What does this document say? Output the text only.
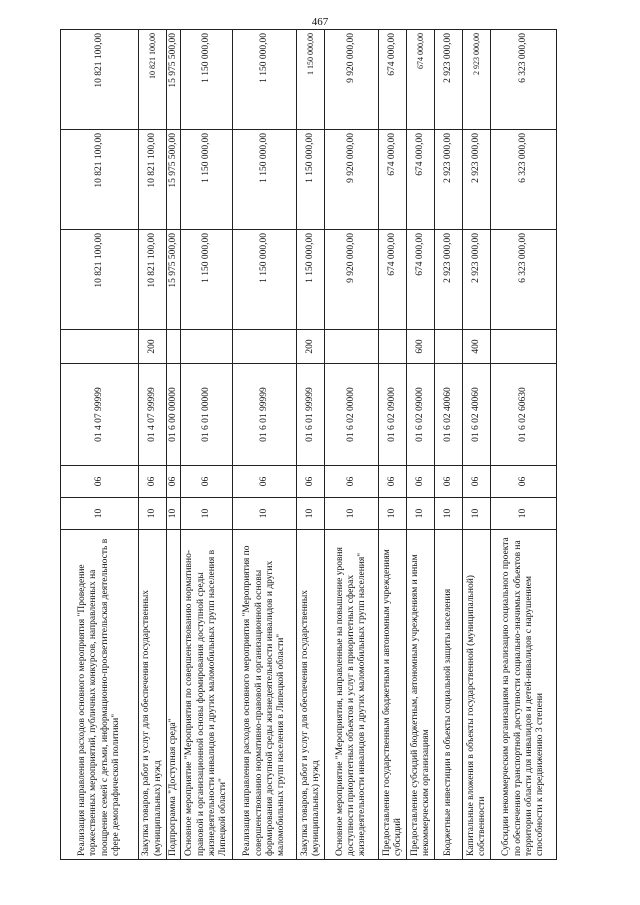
467
Реализация направления расходов основного мероприятия "Проведение торжественных мероприятий, публичных конкурсов, направленных на поощрение семей с детьми, информационно-просветительская деятельность в сфере демографической политики"	10	06	01 4 07 99999		10 821 100,00	10 821 100,00	10 821 100,00
Закупка товаров, работ и услуг для обеспечения государственных (муниципальных) нужд	10	06	01 4 07 99999	200	10 821 100,00	10 821 100,00	10 821 100,00
Подпрограмма "Доступная среда"	10	06	01 6 00 00000		15 975 500,00	15 975 500,00	15 975 500,00
Основное мероприятие "Мероприятия по совершенствованию нормативно-правовой и организационной основы формирования доступной среды жизнедеятельности инвалидов и других маломобильных групп населения в Липецкой области"	10	06	01 6 01 00000		1 150 000,00	1 150 000,00	1 150 000,00
Реализация направления расходов основного мероприятия "Мероприятия по совершенствованию нормативно-правовой и организационной основы формирования доступной среды жизнедеятельности инвалидов и других маломобильных групп населения в Липецкой области"	10	06	01 6 01 99999		1 150 000,00	1 150 000,00	1 150 000,00
Закупка товаров, работ и услуг для обеспечения государственных (муниципальных) нужд	10	06	01 6 01 99999	200	1 150 000,00	1 150 000,00	1 150 000,00
Основное мероприятие "Мероприятия, направленные на повышение уровня доступности приоритетных объектов и услуг в приоритетных сферах жизнедеятельности инвалидов и других маломобильных групп населения"	10	06	01 6 02 00000		9 920 000,00	9 920 000,00	9 920 000,00
Предоставление государственным бюджетным и автономным учреждениям субсидий	10	06	01 6 02 09000		674 000,00	674 000,00	674 000,00
Предоставление субсидий бюджетным, автономным учреждениям и иным некоммерческим организациям	10	06	01 6 02 09000	600	674 000,00	674 000,00	674 000,00
Бюджетные инвестиции в объекты социальной защиты населения	10	06	01 6 02 40060		2 923 000,00	2 923 000,00	2 923 000,00
Капитальные вложения в объекты государственной (муниципальной) собственности	10	06	01 6 02 40060	400	2 923 000,00	2 923 000,00	2 923 000,00
Субсидии некоммерческим организациям на реализацию социального проекта по обеспечению транспортной доступности социально-значимых объектов на территории области для инвалидов и детей-инвалидов с нарушением способности к передвижению 3 степени	10	06	01 6 02 60630		6 323 000,00	6 323 000,00	6 323 000,00
